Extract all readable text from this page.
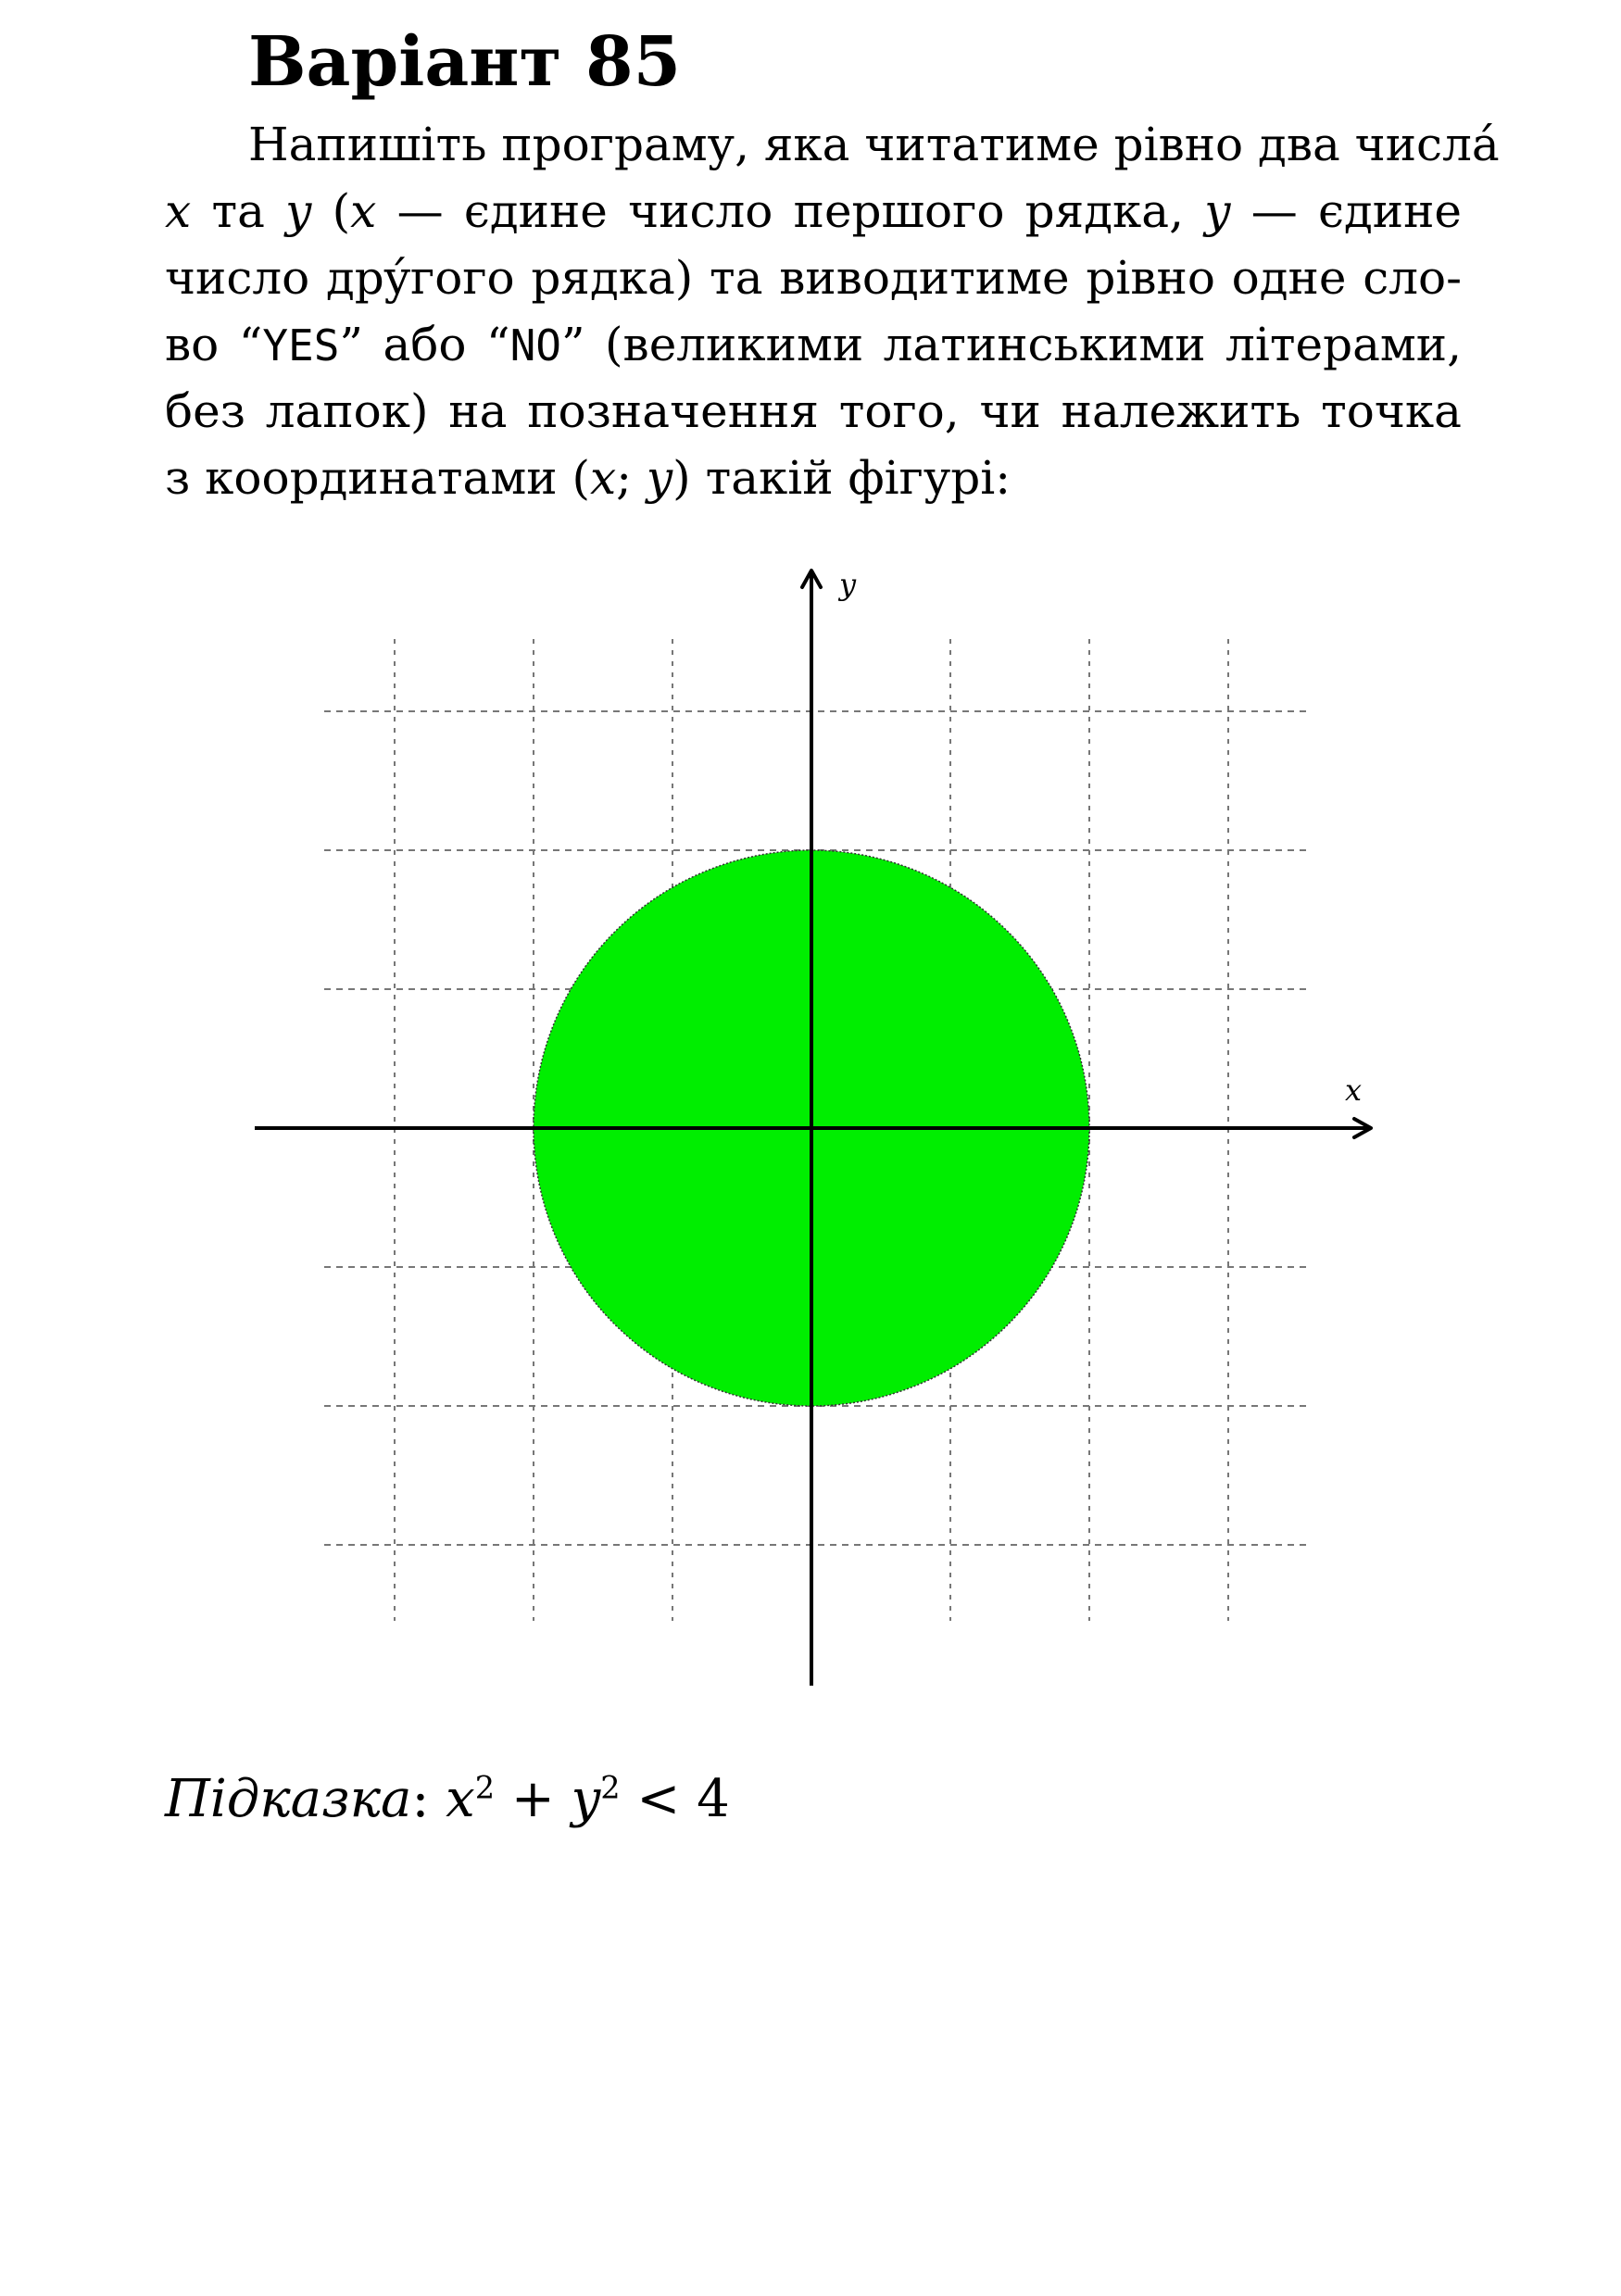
Варіант 85
Напишіть програму, яка читатиме рівно два числá
x та y (x — єдине число першого рядка, y — єдине
число дрýгого рядка) та виводитиме рівно одне сло-
во “YES” або “NO” (великими латинськими літерами,
без лапок) на позначення того, чи належить точка
з координатами (x; y) такій фігурі:
x
y
Підказка: $x^2 + y^2 < 4$
